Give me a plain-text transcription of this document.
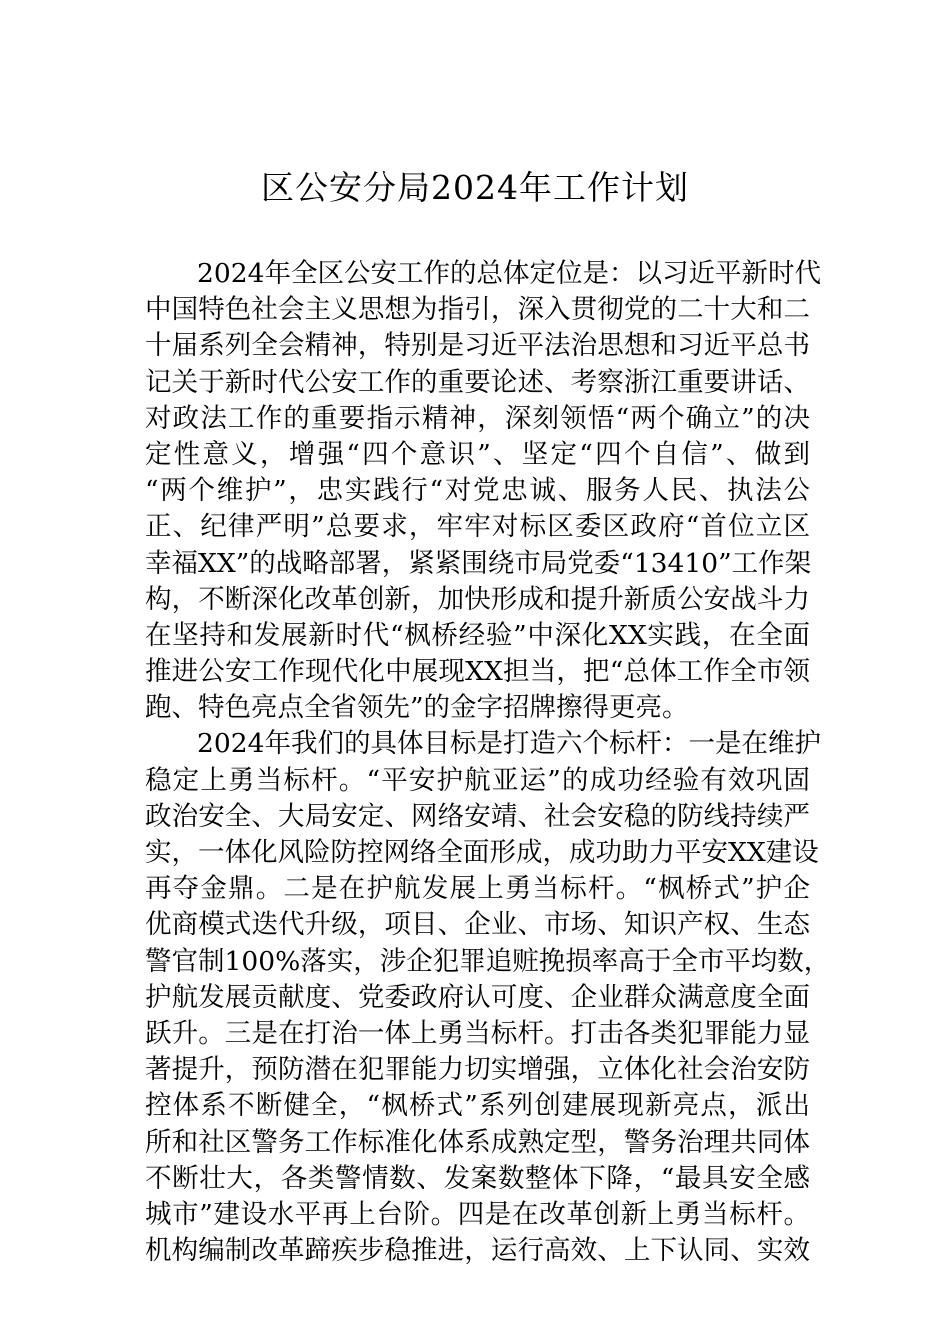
区公安分局2024年工作计划
2024年全区公安工作的总体定位是：以习近平新时代
中国特色社会主义思想为指引，深入贯彻党的二十大和二
十届系列全会精神，特别是习近平法治思想和习近平总书
记关于新时代公安工作的重要论述、考察浙江重要讲话、
对政法工作的重要指示精神，深刻领悟“两个确立”的决
定性意义，增强“四个意识”、坚定“四个自信”、做到
“两个维护”，忠实践行“对党忠诚、服务人民、执法公
正、纪律严明”总要求，牢牢对标区委区政府“首位立区
幸福XX”的战略部署，紧紧围绕市局党委“13410”工作架
构，不断深化改革创新，加快形成和提升新质公安战斗力
在坚持和发展新时代“枫桥经验”中深化XX实践，在全面
推进公安工作现代化中展现XX担当，把“总体工作全市领
跑、特色亮点全省领先”的金字招牌擦得更亮。
2024年我们的具体目标是打造六个标杆：一是在维护
稳定上勇当标杆。“平安护航亚运”的成功经验有效巩固
政治安全、大局安定、网络安靖、社会安稳的防线持续严
实，一体化风险防控网络全面形成，成功助力平安XX建设
再夺金鼎。二是在护航发展上勇当标杆。“枫桥式”护企
优商模式迭代升级，项目、企业、市场、知识产权、生态
警官制100%落实，涉企犯罪追赃挽损率高于全市平均数，
护航发展贡献度、党委政府认可度、企业群众满意度全面
跃升。三是在打治一体上勇当标杆。打击各类犯罪能力显
著提升，预防潜在犯罪能力切实增强，立体化社会治安防
控体系不断健全，“枫桥式”系列创建展现新亮点，派出
所和社区警务工作标准化体系成熟定型，警务治理共同体
不断壮大，各类警情数、发案数整体下降，“最具安全感
城市”建设水平再上台阶。四是在改革创新上勇当标杆。
机构编制改革蹄疾步稳推进，运行高效、上下认同、实效
